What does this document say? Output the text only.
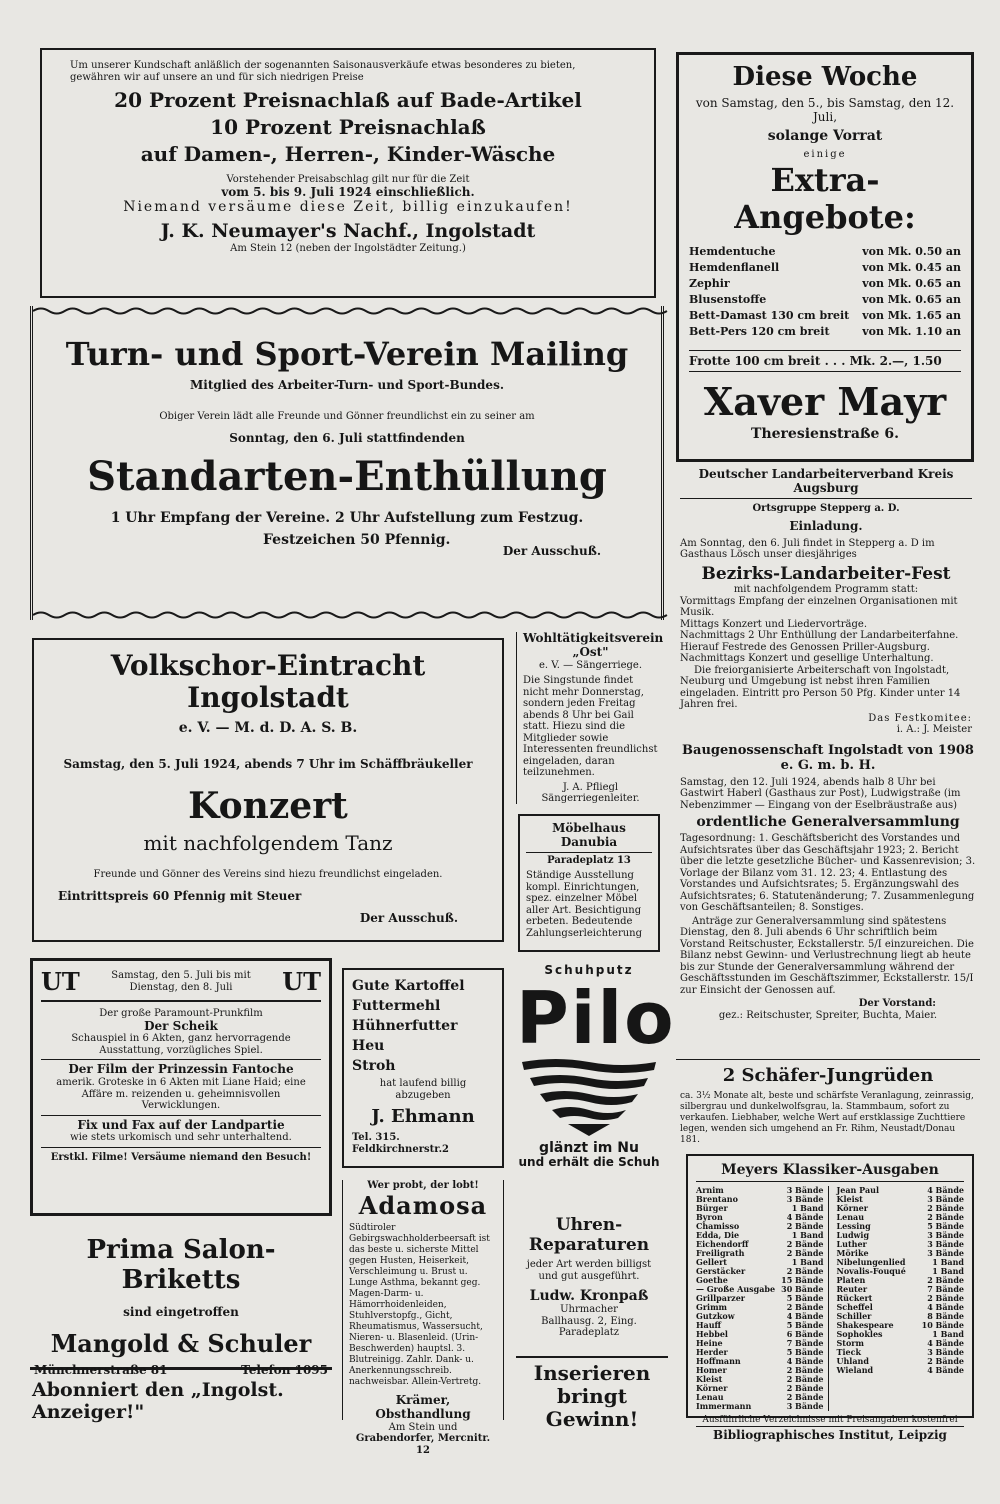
Um unserer Kundschaft anläßlich der sogenannten Saisonausverkäufe etwas besonderes zu bieten, gewähren wir auf unsere an und für sich niedrigen Preise
20 Prozent Preisnachlaß auf Bade-Artikel
10 Prozent Preisnachlaß
auf Damen-, Herren-, Kinder-Wäsche
Vorstehender Preisabschlag gilt nur für die Zeit
vom 5. bis 9. Juli 1924 einschließlich.
Niemand versäume diese Zeit, billig einzukaufen!
J. K. Neumayer's Nachf., Ingolstadt
Am Stein 12 (neben der Ingolstädter Zeitung.)
Diese Woche
von Samstag, den 5., bis Samstag, den 12. Juli,
solange Vorrat
einige
Extra-Angebote:
Hemdentuche	von Mk. 0.50 an
Hemdenflanell	von Mk. 0.45 an
Zephir	von Mk. 0.65 an
Blusenstoffe	von Mk. 0.65 an
Bett-Damast 130 cm breit von Mk. 1.65 an
Bett-Pers 120 cm breit	von Mk. 1.10 an
Frotte 100 cm breit . . . Mk. 2.—, 1.50
Xaver Mayr
Theresienstraße 6.
Turn- und Sport-Verein Mailing
Mitglied des Arbeiter-Turn- und Sport-Bundes.
Obiger Verein lädt alle Freunde und Gönner freundlichst ein zu seiner am
Sonntag, den 6. Juli stattfindenden
Standarten-Enthüllung
1 Uhr Empfang der Vereine. 2 Uhr Aufstellung zum Festzug.
Festzeichen 50 Pfennig.
Der Ausschuß.
Deutscher Landarbeiterverband Kreis Augsburg
Ortsgruppe Stepperg a. D.
Einladung.
Am Sonntag, den 6. Juli findet in Stepperg a. D im Gasthaus Lösch unser diesjähriges
Bezirks-Landarbeiter-Fest
mit nachfolgendem Programm statt:
Vormittags Empfang der einzelnen Organisationen mit Musik.
Mittags Konzert und Liedervorträge.
Nachmittags 2 Uhr Enthüllung der Landarbeiterfahne.
Hierauf Festrede des Genossen Priller-Augsburg.
Nachmittags Konzert und gesellige Unterhaltung.
Die freiorganisierte Arbeiterschaft von Ingolstadt, Neuburg und Umgebung ist nebst ihren Familien eingeladen. Eintritt pro Person 50 Pfg. Kinder unter 14 Jahren frei.
Das Festkomitee:
i. A.: J. Meister
Volkschor-Eintracht Ingolstadt
e. V. — M. d. D. A. S. B.
Samstag, den 5. Juli 1924, abends 7 Uhr im Schäffbräukeller
Konzert
mit nachfolgendem Tanz
Freunde und Gönner des Vereins sind hiezu freundlichst eingeladen.
Eintrittspreis 60 Pfennig mit Steuer
Der Ausschuß.
Wohltätigkeitsverein „Ost"
e. V. — Sängerriege.
Die Singstunde findet nicht mehr Donnerstag, sondern jeden Freitag abends 8 Uhr bei Gail statt. Hiezu sind die Mitglieder sowie Interessenten freundlichst eingeladen, daran teilzunehmen.
J. A. Pfliegl
Sängerriegenleiter.
Möbelhaus Danubia
Paradeplatz 13
Ständige Ausstellung kompl. Einrichtungen, spez. einzelner Möbel aller Art. Besichtigung erbeten. Bedeutende Zahlungserleichterung
UT	Samstag, den 5. Juli bis mit Dienstag, den 8. Juli	UT
Der große Paramount-Prunkfilm
Der Scheik
Schauspiel in 6 Akten, ganz hervorragende Ausstattung, vorzügliches Spiel.
Der Film der Prinzessin Fantoche
amerik. Groteske in 6 Akten mit Liane Haid; eine Affäre m. reizenden u. geheimnisvollen Verwicklungen.
Fix und Fax auf der Landpartie
wie stets urkomisch und sehr unterhaltend.
Erstkl. Filme! Versäume niemand den Besuch!
Gute Kartoffel
Futtermehl
Hühnerfutter
Heu
Stroh
hat laufend billig abzugeben
J. Ehmann
Tel. 315. Feldkirchnerstr.2
Schuhputz
Pilo
glänzt im Nu
und erhält die Schuh
Prima Salon-Briketts
sind eingetroffen
Mangold & Schuler
Münchnerstraße 81	Telefon 1095
Abonniert den „Ingolst. Anzeiger!"
Wer probt, der lobt!
Adamosa
Südtiroler Gebirgswachholderbeersaft ist das beste u. sicherste Mittel gegen Husten, Heiserkeit, Verschleimung u. Brust u. Lunge Asthma, bekannt geg. Magen-Darm- u. Hämorrhoidenleiden, Stuhlverstopfg., Gicht, Rheumatismus, Wassersucht, Nieren- u. Blasenleid. (Urin-Beschwerden) hauptsl. 3. Blutreinigg. Zahlr. Dank- u. Anerkennungsschreib. nachweisbar. Allein-Vertretg.
Krämer, Obsthandlung
Am Stein und
Grabendorfer, Mercnitr. 12
Uhren-Reparaturen
jeder Art werden billigst und gut ausgeführt.
Ludw. Kronpaß
Uhrmacher
Ballhausg. 2, Eing. Paradeplatz
Inserieren
bringt Gewinn!
Baugenossenschaft Ingolstadt von 1908 e. G. m. b. H.
Samstag, den 12. Juli 1924, abends halb 8 Uhr bei Gastwirt Haberl (Gasthaus zur Post), Ludwigstraße (im Nebenzimmer — Eingang von der Eselbräustraße aus)
ordentliche Generalversammlung
Tagesordnung: 1. Geschäftsbericht des Vorstandes und Aufsichtsrates über das Geschäftsjahr 1923; 2. Bericht über die letzte gesetzliche Bücher- und Kassenrevision; 3. Vorlage der Bilanz vom 31. 12. 23; 4. Entlastung des Vorstandes und Aufsichtsrates; 5. Ergänzungswahl des Aufsichtsrates; 6. Statutenänderung; 7. Zusammenlegung von Geschäftsanteilen; 8. Sonstiges.
Anträge zur Generalversammlung sind spätestens Dienstag, den 8. Juli abends 6 Uhr schriftlich beim Vorstand Reitschuster, Eckstallerstr. 5/I einzureichen. Die Bilanz nebst Gewinn- und Verlustrechnung liegt ab heute bis zur Stunde der Generalversammlung während der Geschäftsstunden im Geschäftszimmer, Eckstallerstr. 15/I zur Einsicht der Genossen auf.
Der Vorstand:
gez.: Reitschuster, Spreiter, Buchta, Maier.
2 Schäfer-Jungrüden
ca. 3½ Monate alt, beste und schärfste Veranlagung, zeinrassig, silbergrau und dunkelwolfsgrau, la. Stammbaum, sofort zu verkaufen. Liebhaber, welche Wert auf erstklassige Zuchttiere legen, wenden sich umgehend an Fr. Rihm, Neustadt/Donau 181.
Meyers Klassiker-Ausgaben
Arnim	3 Bände
Brentano	3 Bände
Bürger	1 Band
Byron	4 Bände
Chamisso	2 Bände
Edda, Die	1 Band
Eichendorff	2 Bände
Freiligrath	2 Bände
Gellert	1 Band
Gerstäcker	2 Bände
Goethe	15 Bände
— Große Ausgabe 30 Bände
Grillparzer	5 Bände
Grimm	2 Bände
Gutzkow	4 Bände
Hauff	5 Bände
Hebbel	6 Bände
Heine	7 Bände
Herder	5 Bände
Hoffmann	4 Bände
Homer	2 Bände
Kleist	2 Bände
Körner	2 Bände
Lenau	2 Bände
Immermann	3 Bände
Jean Paul	4 Bände
Kleist	3 Bände
Körner	2 Bände
Lenau	2 Bände
Lessing	5 Bände
Ludwig	3 Bände
Luther	3 Bände
Mörike	3 Bände
Nibelungenlied	1 Band
Novalis-Fouqué	1 Band
Platen	2 Bände
Reuter	7 Bände
Rückert	2 Bände
Scheffel	4 Bände
Schiller	8 Bände
Shakespeare	10 Bände
Sophokles	1 Band
Storm	4 Bände
Tieck	3 Bände
Uhland	2 Bände
Wieland	4 Bände
Ausführliche Verzeichnisse mit Preisangaben kostenfrei
Bibliographisches Institut, Leipzig
